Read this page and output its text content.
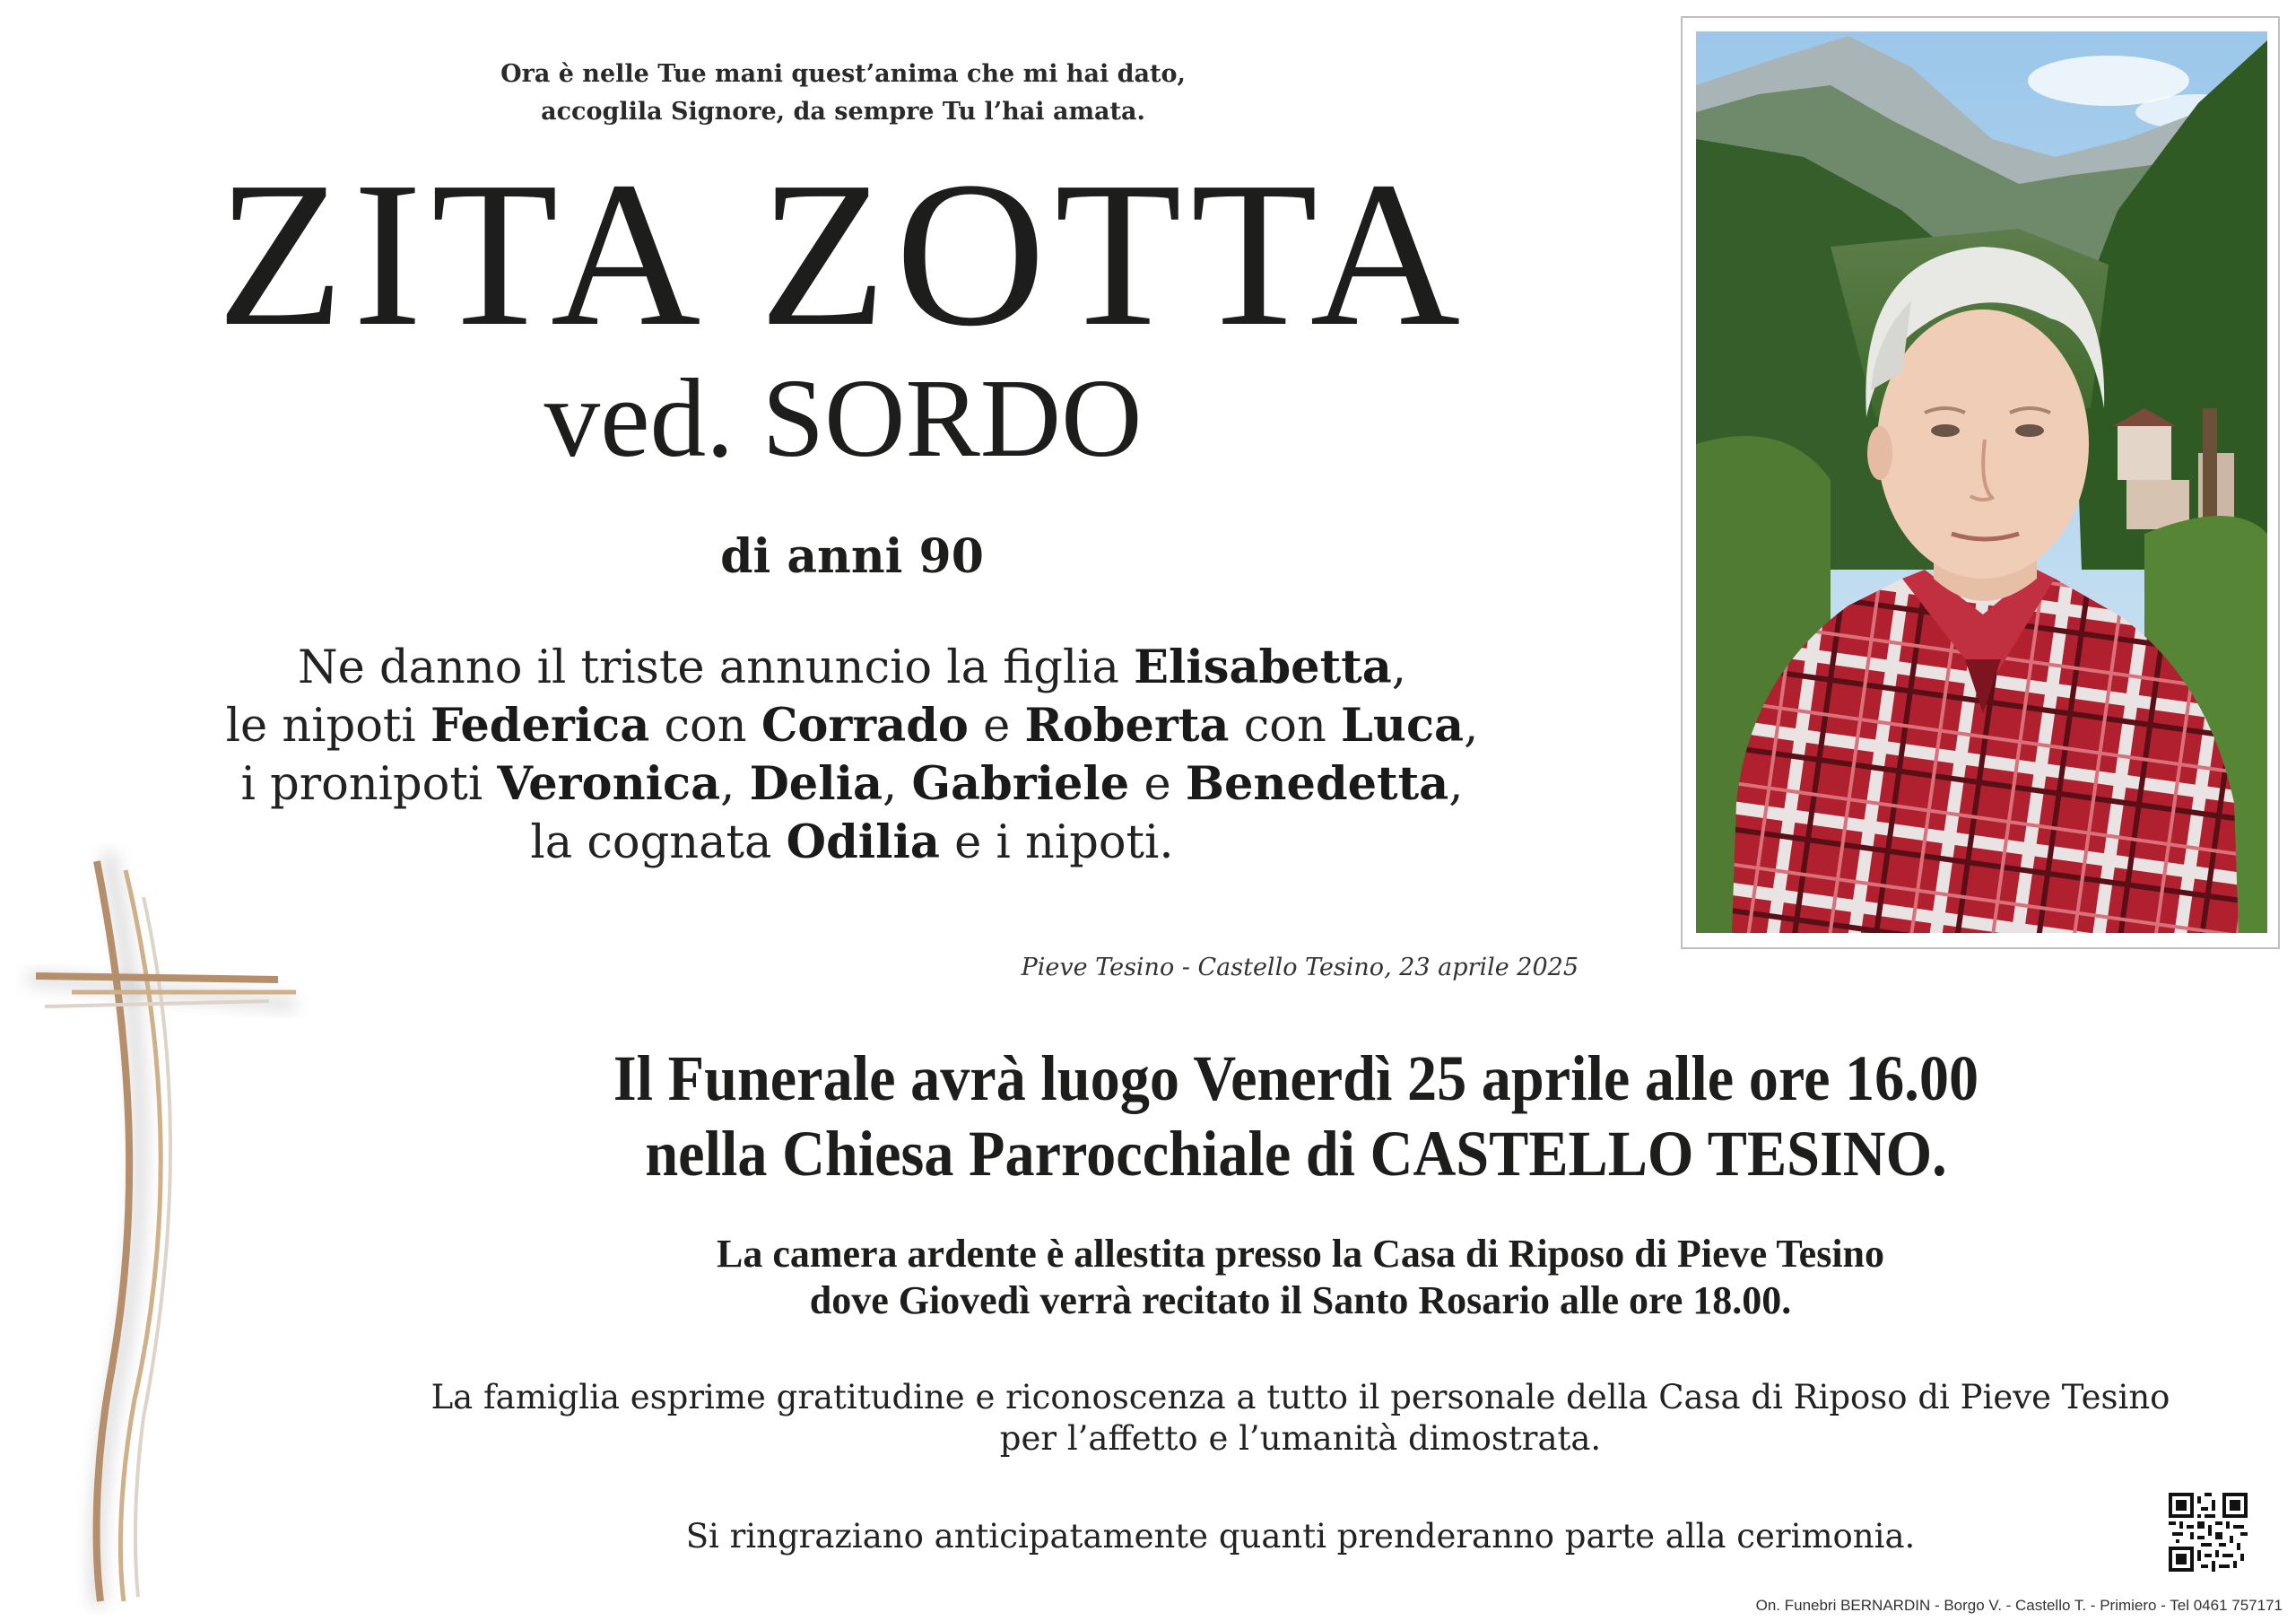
Ora è nelle Tue mani quest’anima che mi hai dato,
accoglila Signore, da sempre Tu l’hai amata.
ZITA ZOTTA
ved. SORDO
di anni 90
Ne danno il triste annuncio la figlia Elisabetta,
le nipoti Federica con Corrado e Roberta con Luca,
i pronipoti Veronica, Delia, Gabriele e Benedetta,
la cognata Odilia e i nipoti.
Pieve Tesino - Castello Tesino, 23 aprile 2025
Il Funerale avrà luogo Venerdì 25 aprile alle ore 16.00
nella Chiesa Parrocchiale di CASTELLO TESINO.
La camera ardente è allestita presso la Casa di Riposo di Pieve Tesino
dove Giovedì verrà recitato il Santo Rosario alle ore 18.00.
La famiglia esprime gratitudine e riconoscenza a tutto il personale della Casa di Riposo di Pieve Tesino
per l’affetto e l’umanità dimostrata.
Si ringraziano anticipatamente quanti prenderanno parte alla cerimonia.
On. Funebri BERNARDIN - Borgo V. - Castello T. - Primiero - Tel 0461 757171
